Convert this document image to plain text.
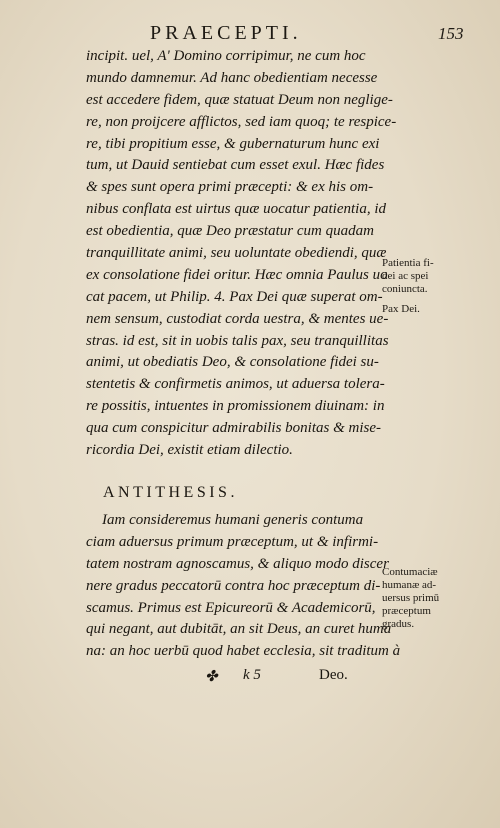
PRAECEPTI.	153
incipit. uel, A' Domino corripimur, ne cum hoc
mundo damnemur. Ad hanc obedientiam necesse
est accedere fidem, quæ statuat Deum non neglige-
re, non proijcere afflictos, sed iam quoq; te respice-
re, tibi propitium esse, & gubernaturum hunc exi
tum, ut Dauid sentiebat cum esset exul. Hæc fides
& spes sunt opera primi præcepti: & ex his om-
nibus conflata est uirtus quæ uocatur patientia, id
est obedientia, quæ Deo præstatur cum quadam
tranquillitate animi, seu uoluntate obediendi, quæ
ex consolatione fidei oritur. Hæc omnia Paulus uo
cat pacem, ut Philip. 4. Pax Dei quæ superat om-
nem sensum, custodiat corda uestra, & mentes ue-
stras. id est, sit in uobis talis pax, seu tranquillitas
animi, ut obediatis Deo, & consolatione fidei su-
stentetis & confirmetis animos, ut aduersa tolera-
re possitis, intuentes in promissionem diuinam: in
qua cum conspicitur admirabilis bonitas & mise-
ricordia Dei, existit etiam dilectio.
Patientia fi-
dei ac spei
coniuncta.
Pax Dei.
ANTITHESIS.
Iam consideremus humani generis contuma
ciam aduersus primum præceptum, ut & infirmi-
tatem nostram agnoscamus, & aliquo modo discer
nere gradus peccatorū contra hoc præceptum di-
scamus. Primus est Epicureorū & Academicorū,
qui negant, aut dubitāt, an sit Deus, an curet huma
na: an hoc uerbū quod habet ecclesia, sit traditum à
Contumaciæ
humanæ ad-
uersus primū
præceptum
gradus.
✤ k 5	Deo.
